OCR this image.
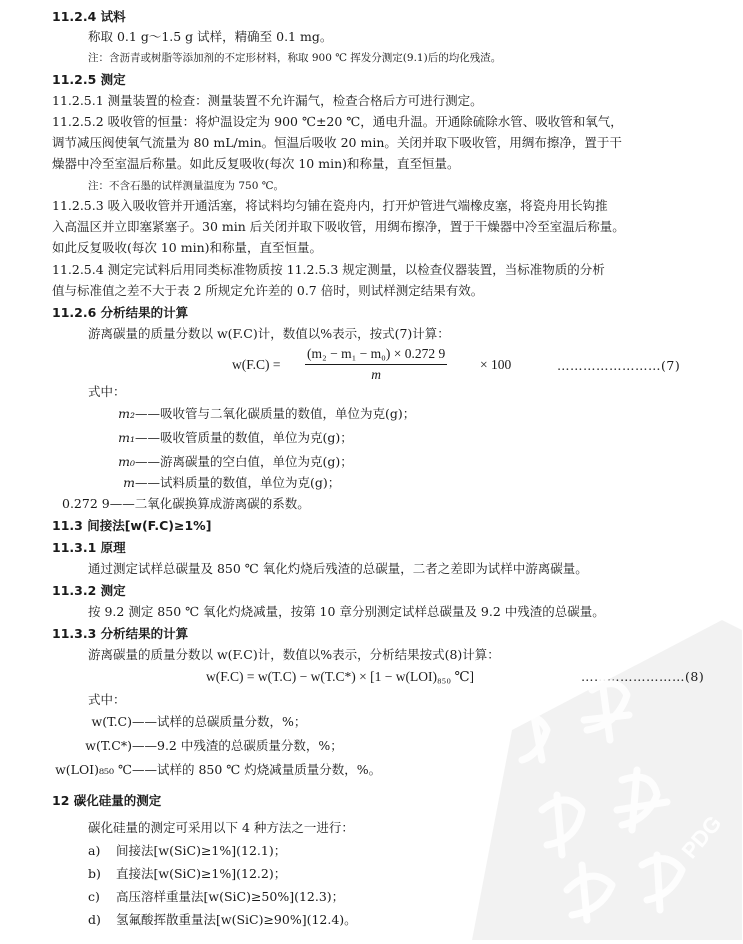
11.2.4 试料
称取 0.1 g～1.5 g 试样，精确至 0.1 mg。
注：含沥青或树脂等添加剂的不定形材料，称取 900 ℃ 挥发分测定(9.1)后的均化残渣。
11.2.5 测定
11.2.5.1 测量装置的检查：测量装置不允许漏气，检查合格后方可进行测定。
11.2.5.2 吸收管的恒量：将炉温设定为 900 ℃±20 ℃，通电升温。开通除硫除水管、吸收管和氧气，
调节减压阀使氧气流量为 80 mL/min。恒温后吸收 20 min。关闭并取下吸收管，用绸布擦净，置于干
燥器中冷至室温后称量。如此反复吸收(每次 10 min)和称量，直至恒量。
注：不含石墨的试样测量温度为 750 ℃。
11.2.5.3 吸入吸收管并开通活塞，将试料均匀铺在瓷舟内，打开炉管进气端橡皮塞，将瓷舟用长钩推
入高温区并立即塞紧塞子。30 min 后关闭并取下吸收管，用绸布擦净，置于干燥器中冷至室温后称量。
如此反复吸收(每次 10 min)和称量，直至恒量。
11.2.5.4 测定完试料后用同类标准物质按 11.2.5.3 规定测量，以检查仪器装置，当标准物质的分析
值与标准值之差不大于表 2 所规定允许差的 0.7 倍时，则试样测定结果有效。
11.2.6 分析结果的计算
游离碳量的质量分数以 w(F.C)计，数值以%表示，按式(7)计算：
$w(F.C) = \frac{\text{(m₂ − m₁ − m₀) × 0.272 9}}{m} \times 100$	……………………(7)
式中：
m₂——吸收管与二氧化碳质量的数值，单位为克(g)；
m₁——吸收管质量的数值，单位为克(g)；
m₀——游离碳量的空白值，单位为克(g)；
m——试料质量的数值，单位为克(g)；
0.272 9——二氧化碳换算成游离碳的系数。
11.3 间接法[w(F.C)≥1%]
11.3.1 原理
通过测定试样总碳量及 850 ℃ 氧化灼烧后残渣的总碳量，二者之差即为试样中游离碳量。
11.3.2 测定
按 9.2 测定 850 ℃ 氧化灼烧减量，按第 10 章分别测定试样总碳量及 9.2 中残渣的总碳量。
11.3.3 分析结果的计算
游离碳量的质量分数以 w(F.C)计，数值以%表示，分析结果按式(8)计算：
w(F.C) = w(T.C) − w(T.C*) × [1 − w(LOI)₈₅₀ ℃]	……………………(8)
式中：
w(T.C)——试样的总碳质量分数，%；
w(T.C*)——9.2 中残渣的总碳质量分数，%；
w(LOI)₈₅₀ ℃——试样的 850 ℃ 灼烧减量质量分数，%。
12 碳化硅量的测定
碳化硅量的测定可采用以下 4 种方法之一进行：
a) 间接法[w(SiC)≥1%](12.1)；
b) 直接法[w(SiC)≥1%](12.2)；
c) 高压溶样重量法[w(SiC)≥50%](12.3)；
d) 氢氟酸挥散重量法[w(SiC)≥90%](12.4)。
PDG
